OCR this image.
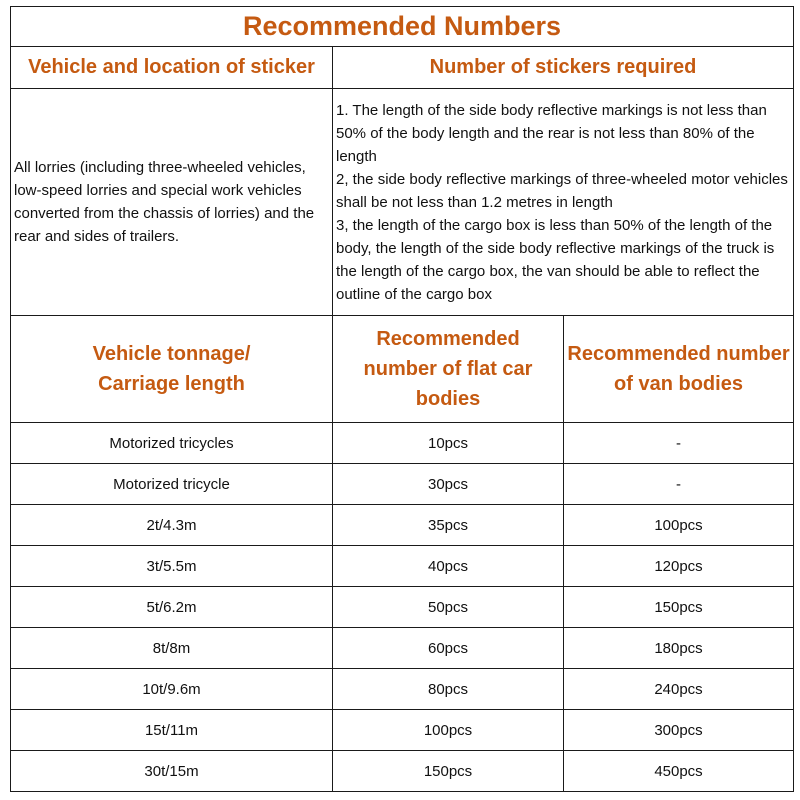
Recommended Numbers		
Vehicle and location of sticker	Number of stickers required	
All lorries (including three-wheeled vehicles, low-speed lorries and special work vehicles converted from the chassis of lorries) and the rear and sides of trailers.	1. The length of the side body reflective markings is not less than 50% of the body length and the rear is not less than 80% of the length
2, the side body reflective markings of three-wheeled motor vehicles shall be not less than 1.2 metres in length
3, the length of the cargo box is less than 50% of the length of the body, the length of the side body reflective markings of the truck is the length of the cargo box, the van should be able to reflect the outline of the cargo box	

Vehicle tonnage/ Carriage length	Recommended number of flat car bodies	Recommended number of van bodies
Motorized tricycles	10pcs	-
Motorized tricycle	30pcs	-
2t/4.3m	35pcs	100pcs
3t/5.5m	40pcs	120pcs
5t/6.2m	50pcs	150pcs
8t/8m	60pcs	180pcs
10t/9.6m	80pcs	240pcs
15t/11m	100pcs	300pcs
30t/15m	150pcs	450pcs
